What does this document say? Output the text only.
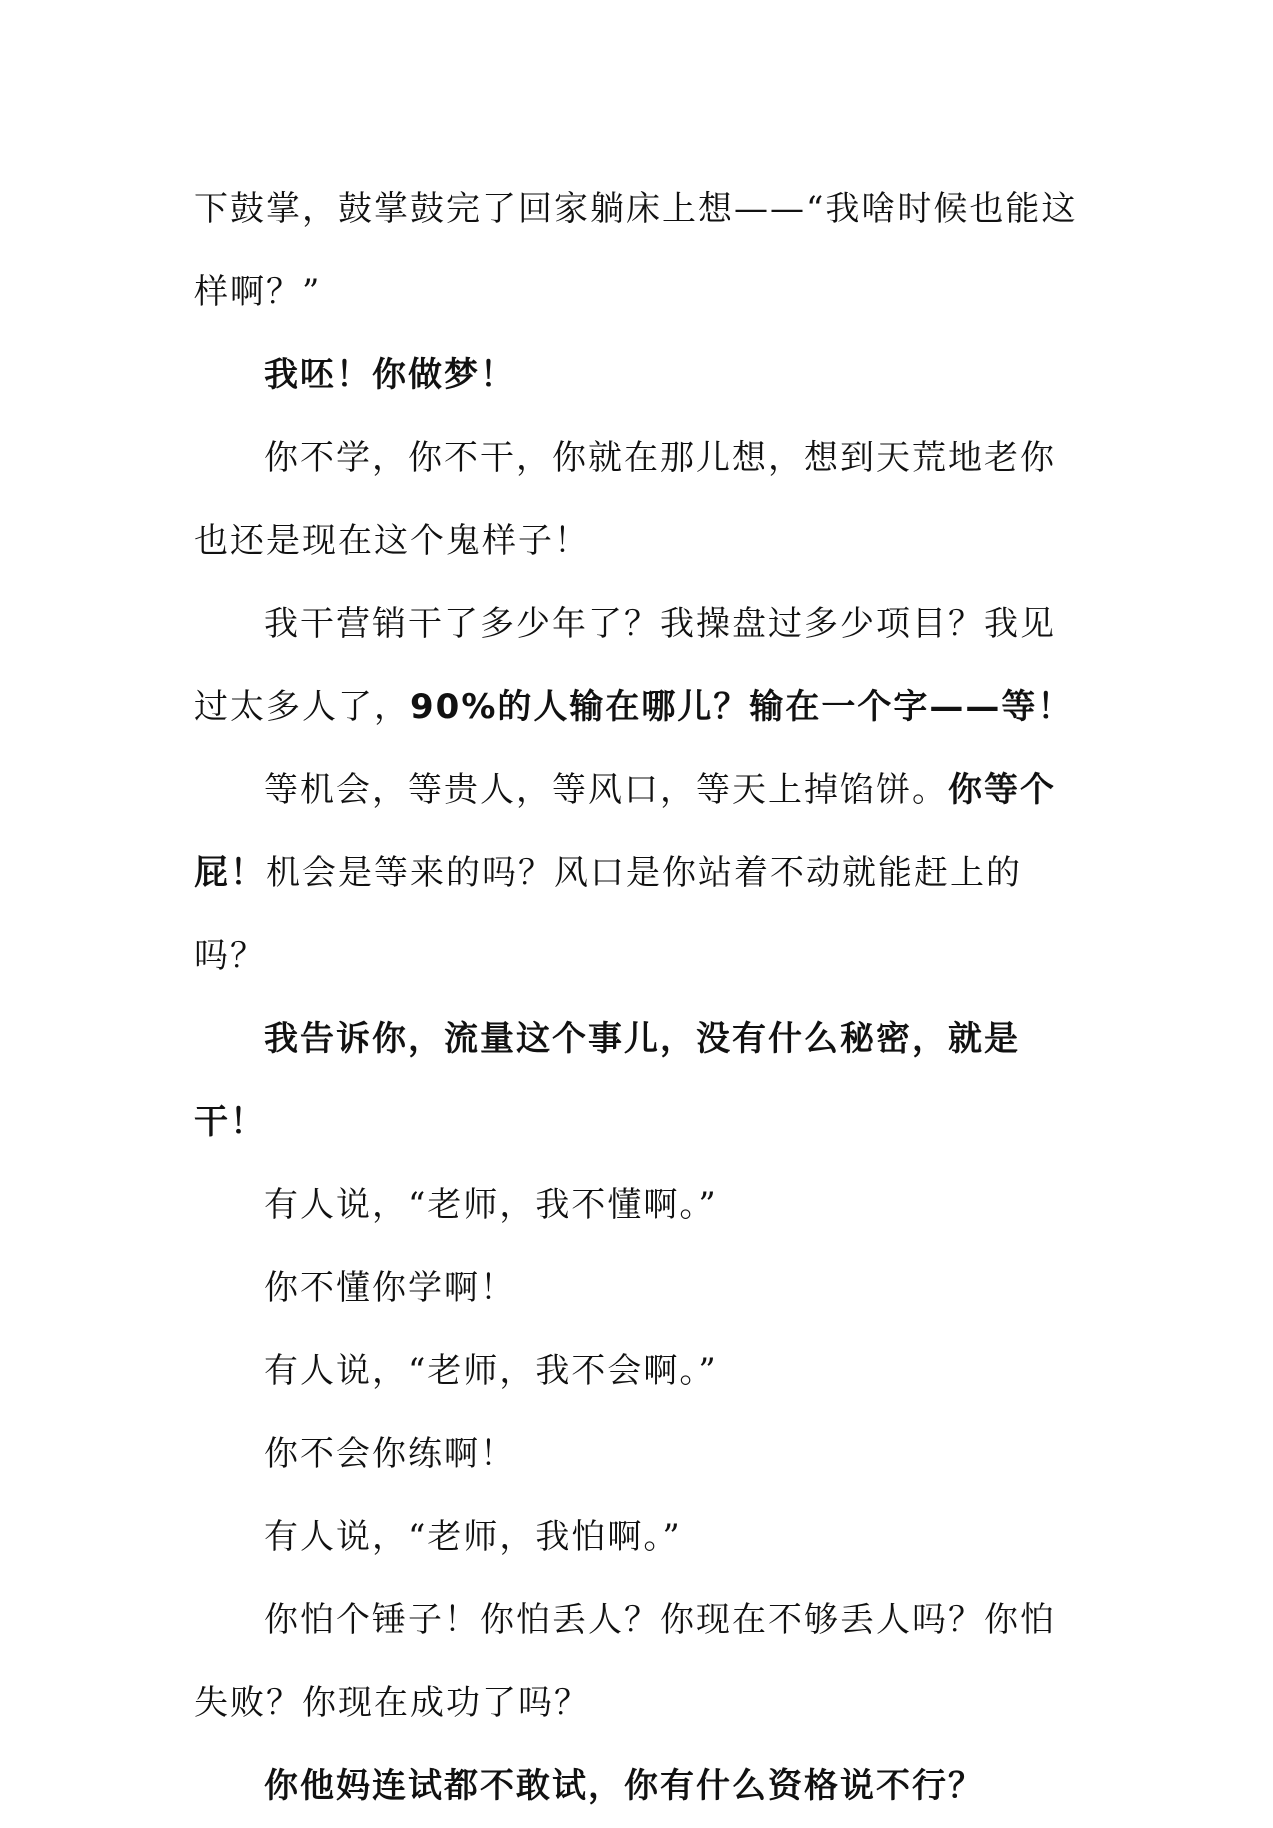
下鼓掌，鼓掌鼓完了回家躺床上想——“我啥时候也能这样啊？”

我呸！你做梦！

你不学，你不干，你就在那儿想，想到天荒地老你也还是现在这个鬼样子！

我干营销干了多少年了？我操盘过多少项目？我见过太多人了，90%的人输在哪儿？输在一个字——等！

等机会，等贵人，等风口，等天上掉馅饼。你等个屁！机会是等来的吗？风口是你站着不动就能赶上的吗？

我告诉你，流量这个事儿，没有什么秘密，就是干！

有人说，“老师，我不懂啊。”

你不懂你学啊！

有人说，“老师，我不会啊。”

你不会你练啊！

有人说，“老师，我怕啊。”

你怕个锤子！你怕丢人？你现在不够丢人吗？你怕失败？你现在成功了吗？

你他妈连试都不敢试，你有什么资格说不行？
